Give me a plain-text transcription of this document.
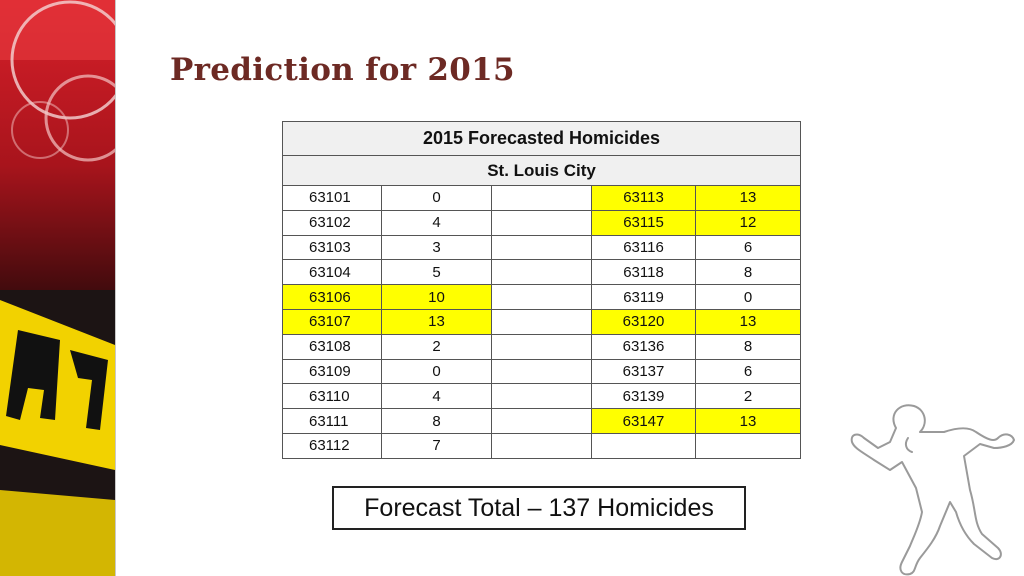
Prediction for 2015
2015 Forecasted Homicides				
St. Louis City				
63101	0		63113	13
63102	4		63115	12
63103	3		63116	6
63104	5		63118	8
63106	10		63119	0
63107	13		63120	13
63108	2		63136	8
63109	0		63137	6
63110	4		63139	2
63111	8		63147	13
63112	7			
Forecast Total – 137 Homicides
